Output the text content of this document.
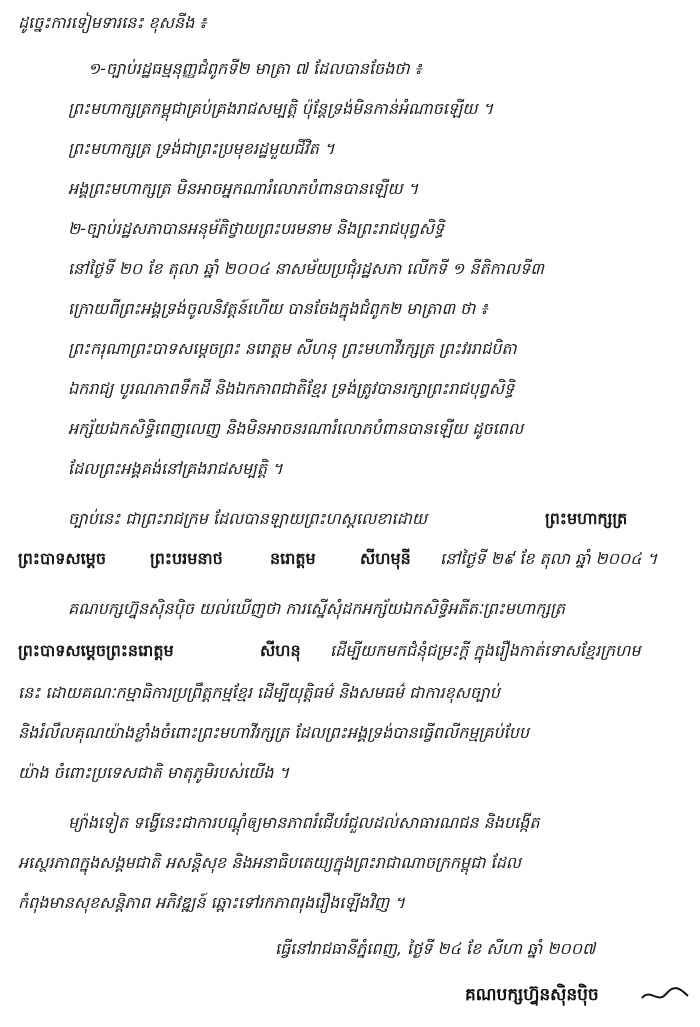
ដូច្នេះការទៀមទារនេះ ខុសនីង ៖
១-ច្បាប់រដ្ឋធម្មនុញ្ញជំពូកទី២ មាត្រា ៧ ដែលបានចែងថា ៖
ព្រះមហាក្សត្រកម្ពុជាគ្រប់គ្រងរាជសម្បត្តិ ប៉ុន្តែទ្រង់មិនកាន់អំណាចឡើយ ។
ព្រះមហាក្សត្រ ទ្រង់ជាព្រះប្រមុខរដ្ឋមួយជីវិត ។
អង្គព្រះមហាក្សត្រ មិនអាចអ្នកណារំលោភបំពានបានឡើយ ។
២-ច្បាប់រដ្ឋសភាបានអនុម័តិថ្វាយព្រះបរមនាម និងព្រះរាជបុព្វសិទ្ធិ
នៅថ្ងៃទី ២០ ខែ តុលា ឆ្នាំ ២០០៤ នាសម័យប្រជុំរដ្ឋសភា លើកទី ១ នីតិកាលទី៣
ក្រោយពីព្រះអង្គទ្រង់ចូលនិវត្តន៍ហើយ បានចែងក្នុងជំពូក២ មាត្រា៣ ថា ៖
ព្រះករុណាព្រះបាទសម្តេចព្រះ នរោត្តម សីហនុ ព្រះមហាវីរក្សត្រ ព្រះវររាជបិតា
ឯករាជ្យ បូរណភាពទឹកដី និងឯកភាពជាតិខ្មែរ ទ្រង់ត្រូវបានរក្សាព្រះរាជបុព្វសិទ្ធិ
អក្ស័យឯកសិទ្ធិពេញលេញ និងមិនអាចនរណារំលោភបំពានបានឡើយ ដូចពេល
ដែលព្រះអង្គគង់នៅគ្រងរាជសម្បត្តិ ។
ច្បាប់នេះ ជាព្រះរាជក្រម ដែលបានឡាយព្រះហស្តលេខាដោយ	ព្រះមហាក្សត្រ
ព្រះបាទសម្តេច	ព្រះបរមនាថ	នរោត្តម	សីហមុនី នៅថ្ងៃទី ២៩ ខែ តុលា ឆ្នាំ ២០០៤ ។
គណបក្សហ្វ៊ុនស៊ិនប៉ិច យល់ឃើញថា ការស្នើសុំដកអក្ស័យឯកសិទ្ធិអតីតៈព្រះមហាក្សត្រ
ព្រះបាទសម្តេចព្រះនរោត្តម	សីហនុ ដើម្បីយកមកជំនុំជម្រះក្តី ក្នុងរឿងកាត់ទោសខ្មែរក្រហម
នេះ ដោយគណៈកម្មាធិការប្រព្រឹត្តកម្មខ្មែរ ដើម្បីយុត្តិធម៌ និងសមធម៌ ជាការខុសច្បាប់
និងរំលឹលគុណយ៉ាងខ្លាំងចំពោះព្រះមហាវីរក្សត្រ ដែលព្រះអង្គទ្រង់បានធ្វើពលីកម្មគ្រប់បែប
យ៉ាង ចំពោះប្រទេសជាតិ មាតុភូមិរបស់យើង ។
ម្យ៉ាងទៀត ទង្វើនេះជាការបណ្តុំឲ្យមានភាពរំជើបរំជួលដល់សាធារណជន និងបង្កើត
អស្ថេរភាពក្នុងសង្គមជាតិ អសន្តិសុខ និងអនាធិបតេយ្យក្នុងព្រះរាជាណាចក្រកម្ពុជា ដែល
កំពុងមានសុខសន្តិភាព អភិវឌ្ឍន៍ ឆ្ពោះទៅរកភាពរុងរឿងឡើងវិញ ។
ធ្វើនៅរាជធានីភ្នំពេញ, ថ្ងៃទី ២៤ ខែ សីហា ឆ្នាំ ២០០៧
គណបក្សហ្វ៊ុនស៊ិនប៉ិច
